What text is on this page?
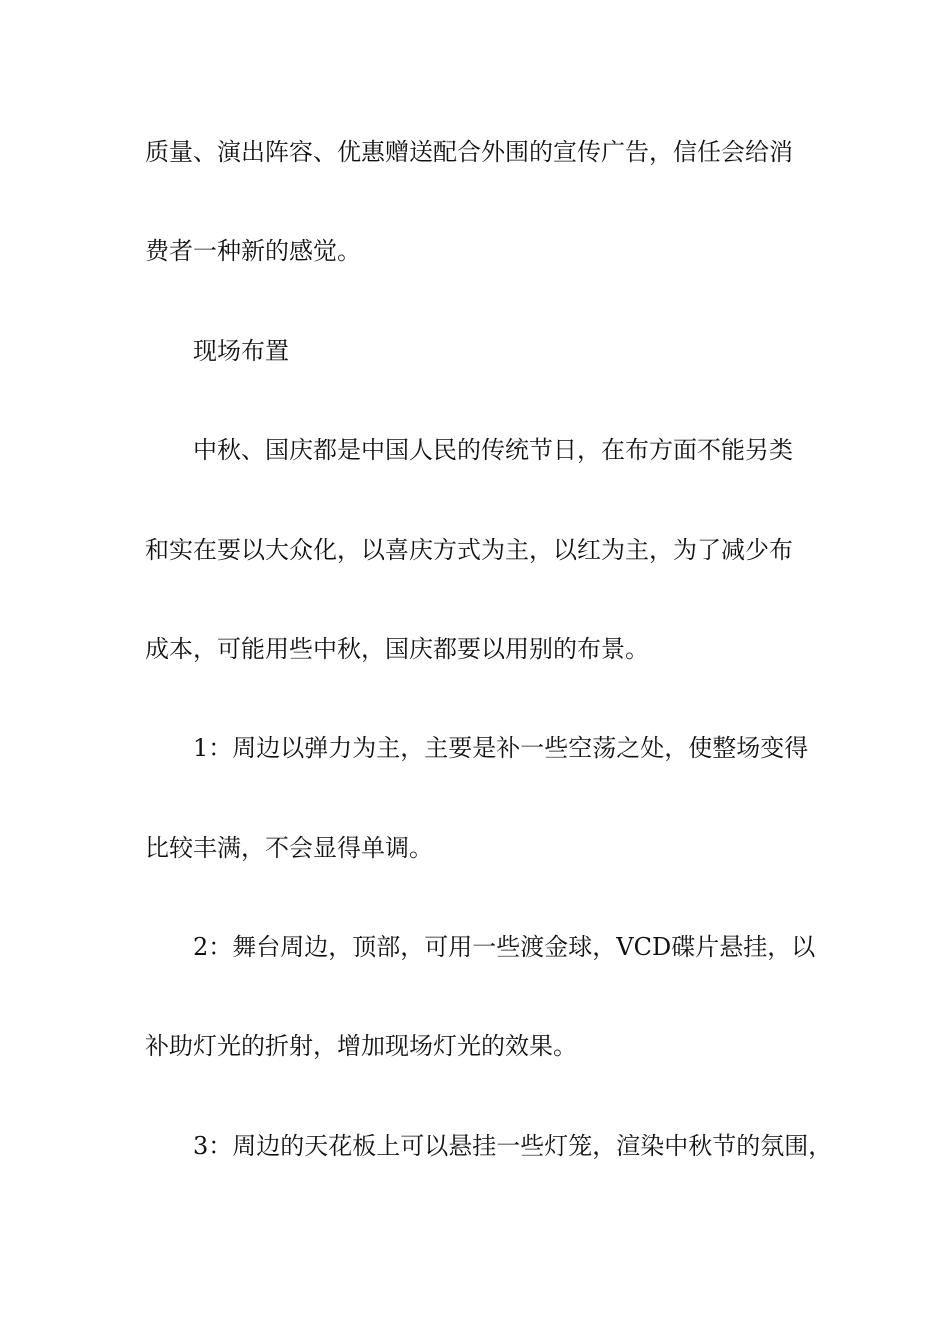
质量、演出阵容、优惠赠送配合外围的宣传广告，信任会给消
费者一种新的感觉。
现场布置
中秋、国庆都是中国人民的传统节日，在布方面不能另类
和实在要以大众化，以喜庆方式为主，以红为主，为了减少布
成本，可能用些中秋，国庆都要以用别的布景。
1：周边以弹力为主，主要是补一些空荡之处，使整场变得
比较丰满，不会显得单调。
2：舞台周边，顶部，可用一些渡金球，VCD碟片悬挂，以
补助灯光的折射，增加现场灯光的效果。
3：周边的天花板上可以悬挂一些灯笼，渲染中秋节的氛围，
